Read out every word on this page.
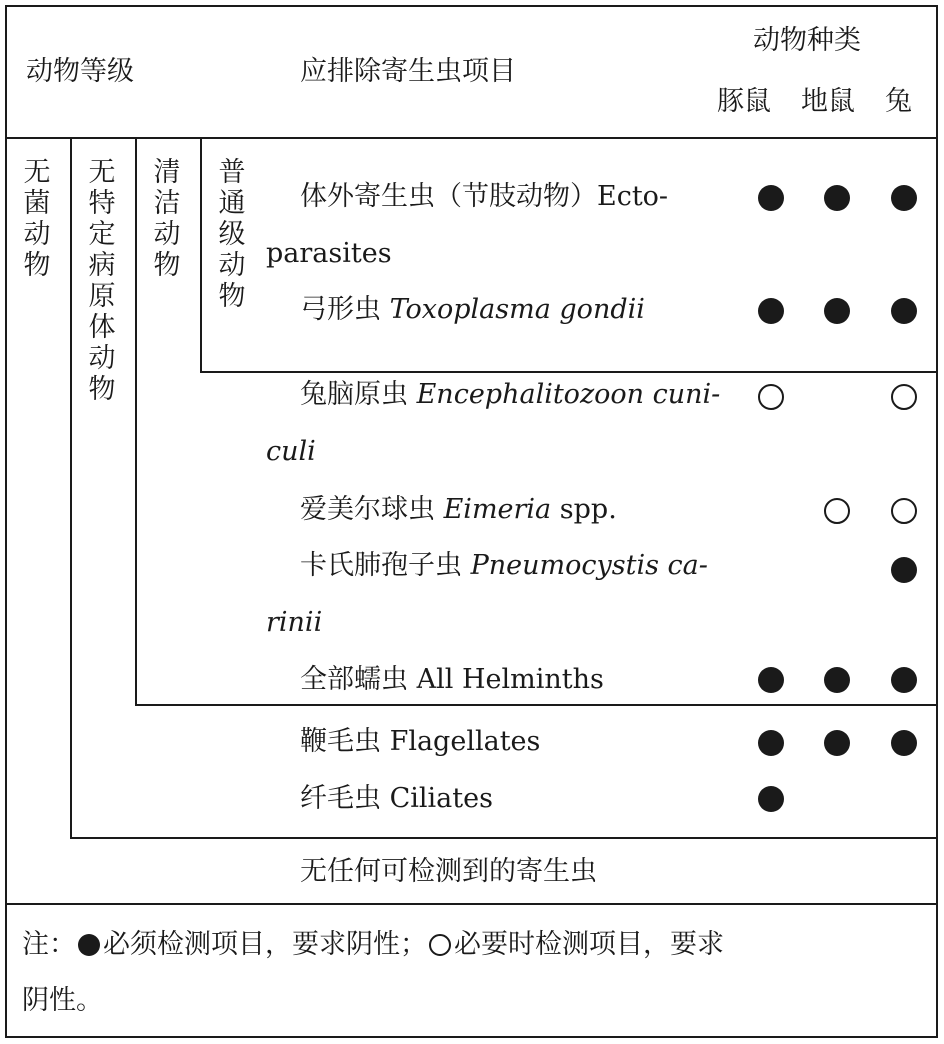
动物等级	应排除寄生虫项目
动物种类
豚鼠 地鼠 兔
无
菌
动
物
无
特
定
病
原
体
动
物
清
洁
动
物
普
通
级
动
物
体外寄生虫（节肢动物）Ecto-
parasites
弓形虫 Toxoplasma gondii
兔脑原虫 Encephalitozoon cuni-
culi
爱美尔球虫 Eimeria spp.
卡氏肺孢子虫 Pneumocystis ca-
rinii
全部蠕虫 All Helminths
鞭毛虫 Flagellates
纤毛虫 Ciliates
无任何可检测到的寄生虫
注： 必须检测项目，要求阴性； 必要时检测项目，要求
阴性。
